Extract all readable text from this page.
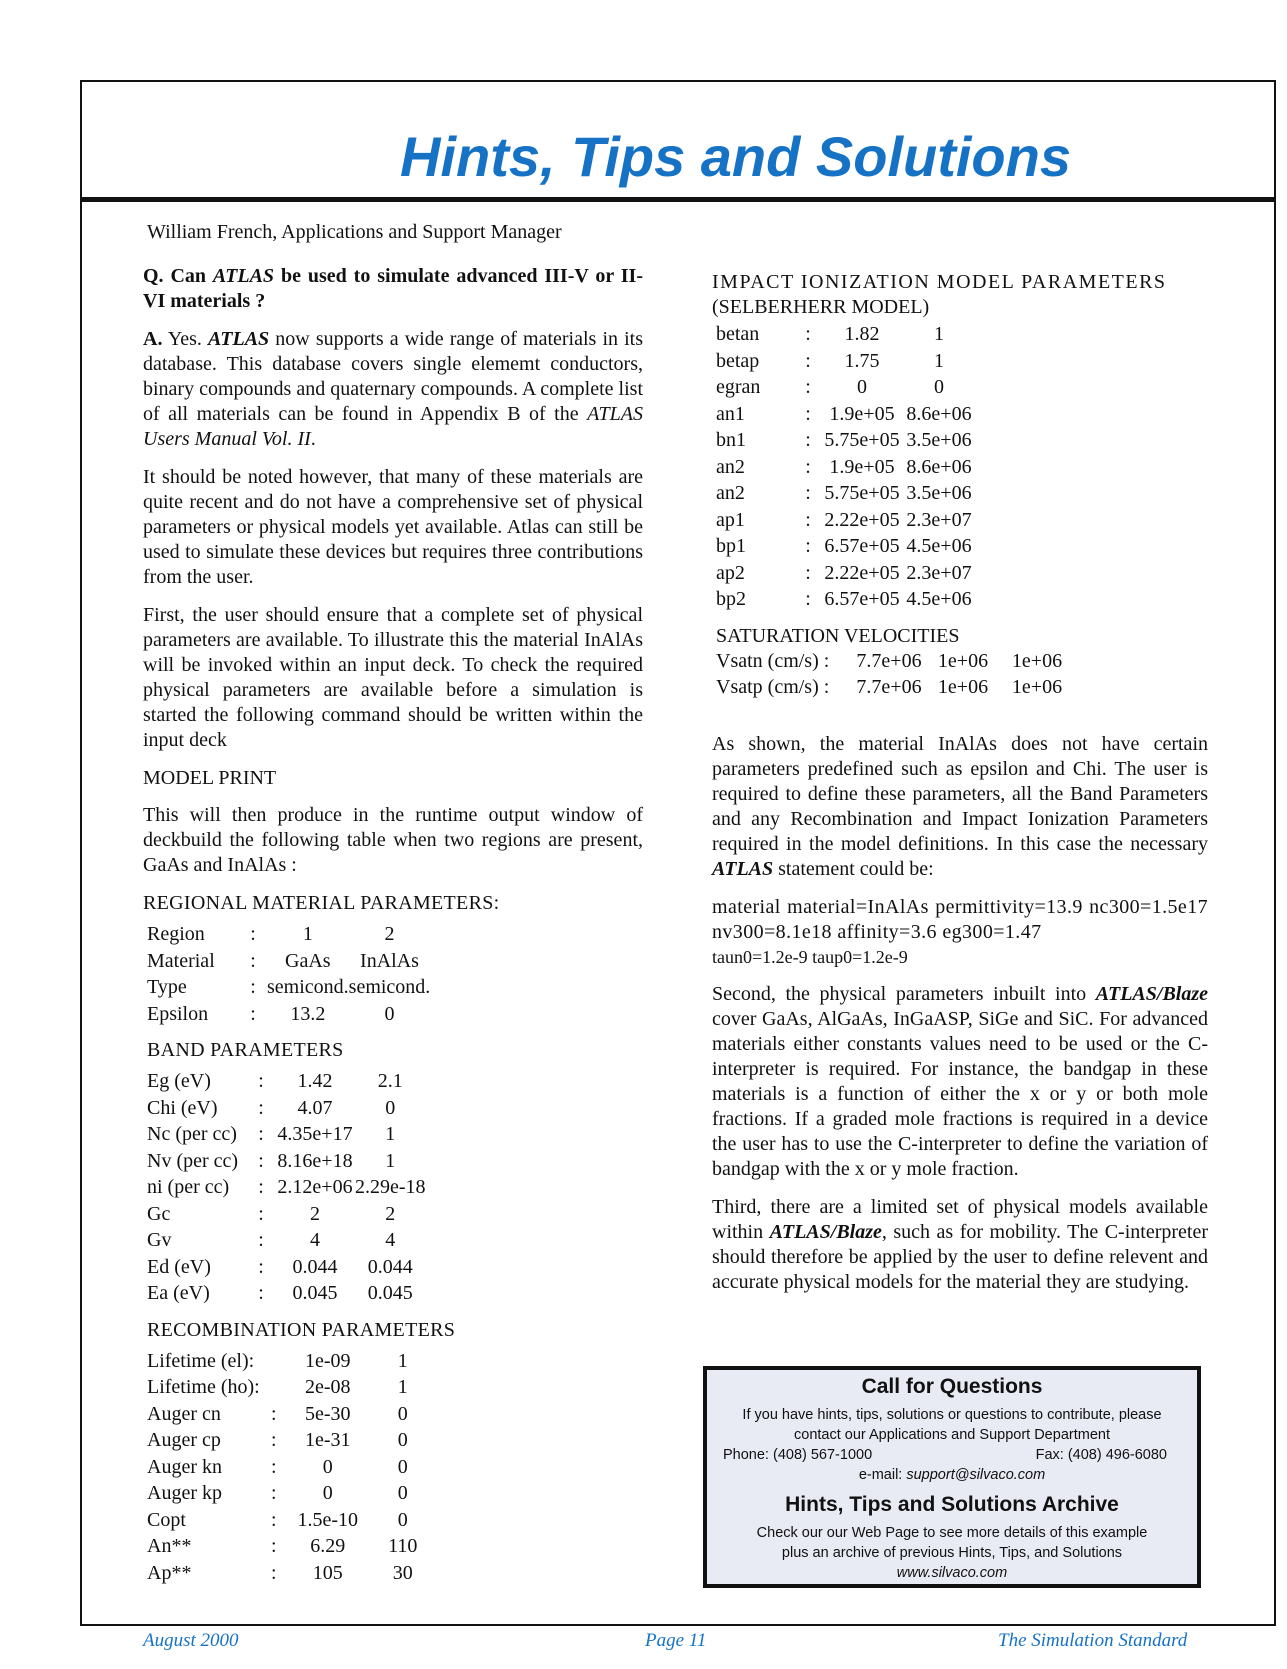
Hints, Tips and Solutions
William French, Applications and Support Manager

Q. Can ATLAS be used to simulate advanced III-V or II-VI materials ?

A. Yes. ATLAS now supports a wide range of materials in its database. This database covers single elememt conductors, binary compounds and quaternary compounds. A complete list of all materials can be found in Appendix B of the ATLAS Users Manual Vol. II.

It should be noted however, that many of these materials are quite recent and do not have a comprehensive set of physical parameters or physical models yet available. Atlas can still be used to simulate these devices but requires three contributions from the user.

First, the user should ensure that a complete set of physical parameters are available. To illustrate this the material InAlAs will be invoked within an input deck. To check the required physical parameters are available before a simulation is started the following command should be written within the input deck

MODEL PRINT

This will then produce in the runtime output window of deckbuild the following table when two regions are present, GaAs and InAlAs :

REGIONAL MATERIAL PARAMETERS:
Region	:	1	2
Material	:	GaAs	InAlAs
Type	:	semicond.	semicond.
Epsilon	:	13.2	0
BAND PARAMETERS
Eg (eV)	:	1.42	2.1
Chi (eV)	:	4.07	0
Nc (per cc)	:	4.35e+17	1
Nv (per cc)	:	8.16e+18	1
ni (per cc)	:	2.12e+06	2.29e-18
Gc	:	2	2
Gv	:	4	4
Ed (eV)	:	0.044	0.044
Ea (eV)	:	0.045	0.045
RECOMBINATION PARAMETERS
Lifetime (el):		1e-09	1
Lifetime (ho):		2e-08	1
Auger cn	:	5e-30	0
Auger cp	:	1e-31	0
Auger kn	:	0	0
Auger kp	:	0	0
Copt	:	1.5e-10	0
An**	:	6.29	110
Ap**	:	105	30
IMPACT IONIZATION MODEL PARAMETERS
(SELBERHERR MODEL)
betan	:	1.82	1
betap	:	1.75	1
egran	:	0	0
an1	:	1.9e+05	8.6e+06
bn1	:	5.75e+05	3.5e+06
an2	:	1.9e+05	8.6e+06
an2	:	5.75e+05	3.5e+06
ap1	:	2.22e+05	2.3e+07
bp1	:	6.57e+05	4.5e+06
ap2	:	2.22e+05	2.3e+07
bp2	:	6.57e+05	4.5e+06
SATURATION VELOCITIES
Vsatn (cm/s) :	7.7e+06	1e+06	1e+06
Vsatp (cm/s) :	7.7e+06	1e+06	1e+06

As shown, the material InAlAs does not have certain parameters predefined such as epsilon and Chi. The user is required to define these parameters, all the Band Parameters and any Recombination and Impact Ionization Parameters required in the model definitions. In this case the necessary ATLAS statement could be:

material material=InAlAs permittivity=13.9 nc300=1.5e17 nv300=8.1e18 affinity=3.6 eg300=1.47
taun0=1.2e-9 taup0=1.2e-9

Second, the physical parameters inbuilt into ATLAS/Blaze cover GaAs, AlGaAs, InGaASP, SiGe and SiC. For advanced materials either constants values need to be used or the C-interpreter is required. For instance, the bandgap in these materials is a function of either the x or y or both mole fractions. If a graded mole fractions is required in a device the user has to use the C-interpreter to define the variation of bandgap with the x or y mole fraction.

Third, there are a limited set of physical models available within ATLAS/Blaze, such as for mobility. The C-interpreter should therefore be applied by the user to define relevent and accurate physical models for the material they are studying.

Call for Questions
If you have hints, tips, solutions or questions to contribute, please
contact our Applications and Support Department
Phone: (408) 567-1000	Fax: (408) 496-6080
e-mail: support@silvaco.com
Hints, Tips and Solutions Archive
Check our our Web Page to see more details of this example
plus an archive of previous Hints, Tips, and Solutions
www.silvaco.com
August 2000	Page 11	The Simulation Standard
